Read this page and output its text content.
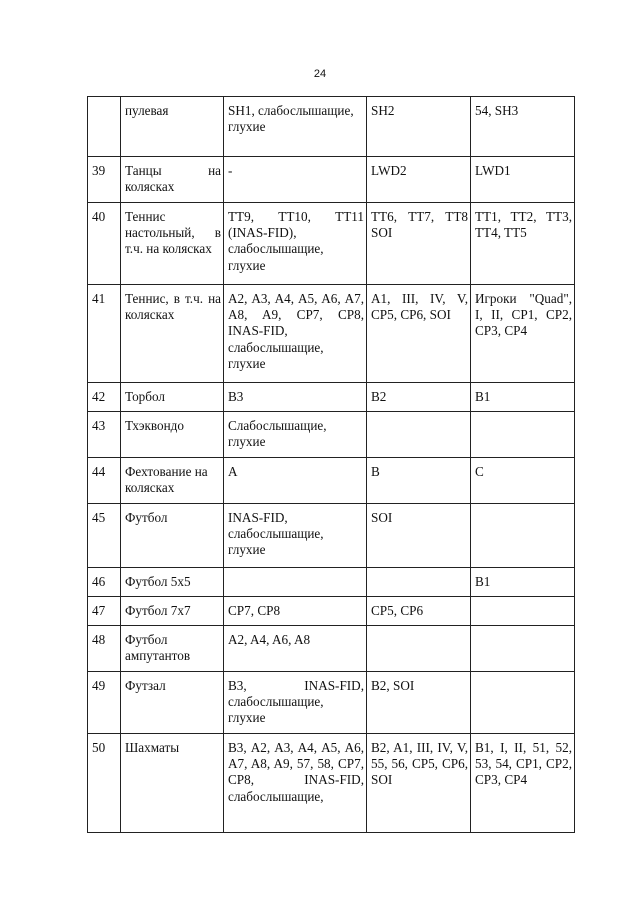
24
	пулевая	SH1, слабослышащие, глухие	SH2	54, SH3
39	Танцы на колясках	-	LWD2	LWD1
40	Теннис настольный, в т.ч. на колясках	TT9, TT10, TT11 (INAS-FID), слабослышащие, глухие	TT6, TT7, TT8 SOI	TT1, TT2, TT3, TT4, TT5
41	Теннис, в т.ч. на колясках	A2, A3, A4, A5, A6, A7, A8, A9, CP7, CP8, INAS-FID, слабослышащие, глухие	A1, III, IV, V, CP5, CP6, SOI	Игроки "Quad", I, II, CP1, CP2, CP3, CP4
42	Торбол	B3	B2	B1
43	Тхэквондо	Слабослышащие, глухие		
44	Фехтование на колясках	A	B	C
45	Футбол	INAS-FID, слабослышащие, глухие	SOI	
46	Футбол 5x5			B1
47	Футбол 7x7	CP7, CP8	CP5, CP6	
48	Футбол ампутантов	A2, A4, A6, A8		
49	Футзал	B3, INAS-FID, слабослышащие, глухие	B2, SOI	
50	Шахматы	B3, A2, A3, A4, A5, A6, A7, A8, A9, 57, 58, CP7, CP8, INAS-FID, слабослышащие,	B2, A1, III, IV, V, 55, 56, CP5, CP6, SOI	B1, I, II, 51, 52, 53, 54, CP1, CP2, CP3, CP4
